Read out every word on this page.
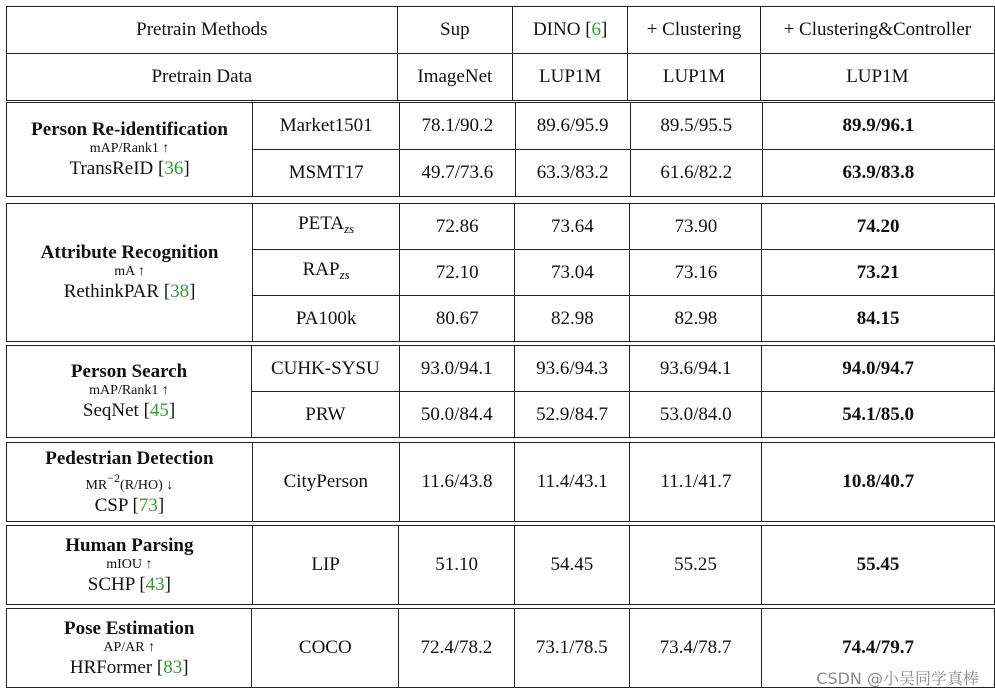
Pretrain Methods	Sup	DINO [6]	+ Clustering	+ Clustering&Controller
Pretrain Data	ImageNet	LUP1M	LUP1M	LUP1M
Person Re-identification
mAP/Rank1 ↑
TransReID [36]	Market1501	78.1/90.2	89.6/95.9	89.5/95.5	89.9/96.1
	MSMT17	49.7/73.6	63.3/83.2	61.6/82.2	63.9/83.8
Attribute Recognition
mA ↑
RethinkPAR [38]	$PETA_{zs}$	72.86	73.64	73.90	74.20
	$RAP_{zs}$	72.10	73.04	73.16	73.21
	PA100k	80.67	82.98	82.98	84.15
Person Search
mAP/Rank1 ↑
SeqNet [45]	CUHK-SYSU	93.0/94.1	93.6/94.3	93.6/94.1	94.0/94.7
	PRW	50.0/84.4	52.9/84.7	53.0/84.0	54.1/85.0
Pedestrian Detection
MR−2(R/HO) ↓
CSP [73]
	CityPerson	11.6/43.8	11.4/43.1	11.1/41.7	10.8/40.7
Human Parsing
mIOU ↑
SCHP [43]
	LIP	51.10	54.45	55.25	55.45
Pose Estimation
AP/AR ↑
HRFormer [83]
	COCO	72.4/78.2	73.1/78.5	73.4/78.7	74.4/79.7
CSDN @小吴同学真棒
